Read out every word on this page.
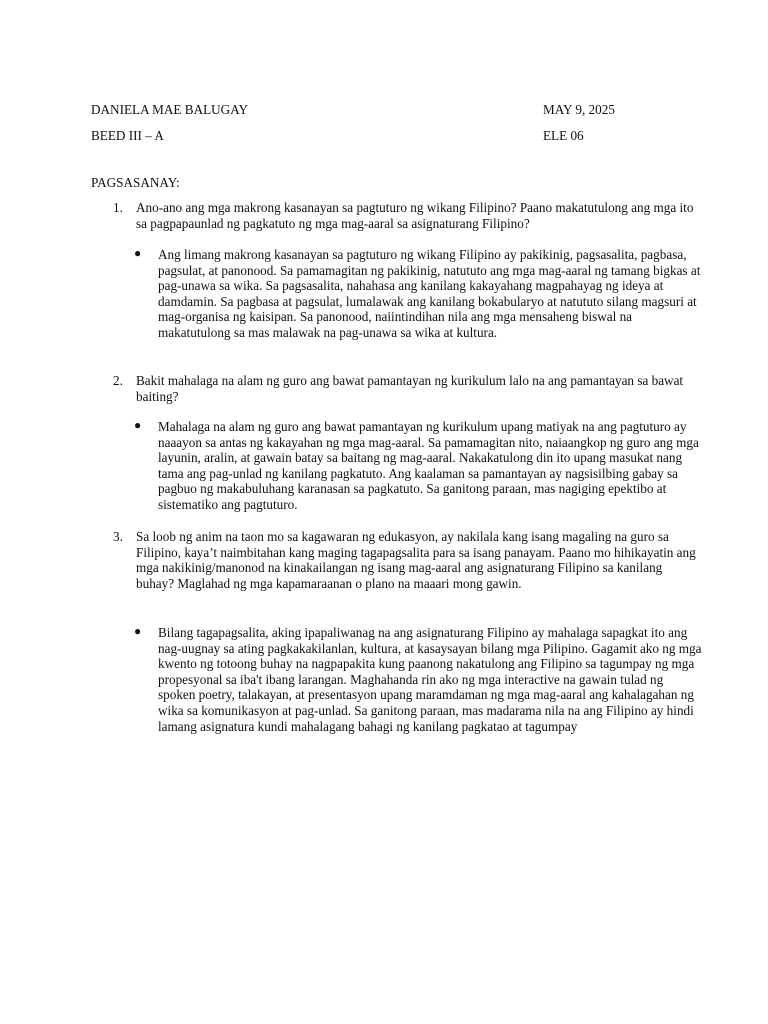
DANIELA MAE BALUGAY	MAY 9, 2025
BEED III – A	ELE 06
PAGSASANAY:
1. Ano-ano ang mga makrong kasanayan sa pagtuturo ng wikang Filipino? Paano makatutulong ang mga ito sa pagpapaunlad ng pagkatuto ng mga mag-aaral sa asignaturang Filipino?
● Ang limang makrong kasanayan sa pagtuturo ng wikang Filipino ay pakikinig, pagsasalita, pagbasa, pagsulat, at panonood. Sa pamamagitan ng pakikinig, natututo ang mga mag-aaral ng tamang bigkas at pag-unawa sa wika. Sa pagsasalita, nahahasa ang kanilang kakayahang magpahayag ng ideya at damdamin. Sa pagbasa at pagsulat, lumalawak ang kanilang bokabularyo at natututo silang magsuri at mag-organisa ng kaisipan. Sa panonood, naiintindihan nila ang mga mensaheng biswal na makatutulong sa mas malawak na pag-unawa sa wika at kultura.
2. Bakit mahalaga na alam ng guro ang bawat pamantayan ng kurikulum lalo na ang pamantayan sa bawat baiting?
● Mahalaga na alam ng guro ang bawat pamantayan ng kurikulum upang matiyak na ang pagtuturo ay naaayon sa antas ng kakayahan ng mga mag-aaral. Sa pamamagitan nito, naiaangkop ng guro ang mga layunin, aralin, at gawain batay sa baitang ng mag-aaral. Nakakatulong din ito upang masukat nang tama ang pag-unlad ng kanilang pagkatuto. Ang kaalaman sa pamantayan ay nagsisilbing gabay sa pagbuo ng makabuluhang karanasan sa pagkatuto. Sa ganitong paraan, mas nagiging epektibo at sistematiko ang pagtuturo.
3. Sa loob ng anim na taon mo sa kagawaran ng edukasyon, ay nakilala kang isang magaling na guro sa Filipino, kaya’t naimbitahan kang maging tagapagsalita para sa isang panayam. Paano mo hihikayatin ang mga nakikinig/manonod na kinakailangan ng isang mag-aaral ang asignaturang Filipino sa kanilang buhay? Maglahad ng mga kapamaraanan o plano na maaari mong gawin.
● Bilang tagapagsalita, aking ipapaliwanag na ang asignaturang Filipino ay mahalaga sapagkat ito ang nag-uugnay sa ating pagkakakilanlan, kultura, at kasaysayan bilang mga Pilipino. Gagamit ako ng mga kwento ng totoong buhay na nagpapakita kung paanong nakatulong ang Filipino sa tagumpay ng mga propesyonal sa iba't ibang larangan. Maghahanda rin ako ng mga interactive na gawain tulad ng spoken poetry, talakayan, at presentasyon upang maramdaman ng mga mag-aaral ang kahalagahan ng wika sa komunikasyon at pag-unlad. Sa ganitong paraan, mas madarama nila na ang Filipino ay hindi lamang asignatura kundi mahalagang bahagi ng kanilang pagkatao at tagumpay
